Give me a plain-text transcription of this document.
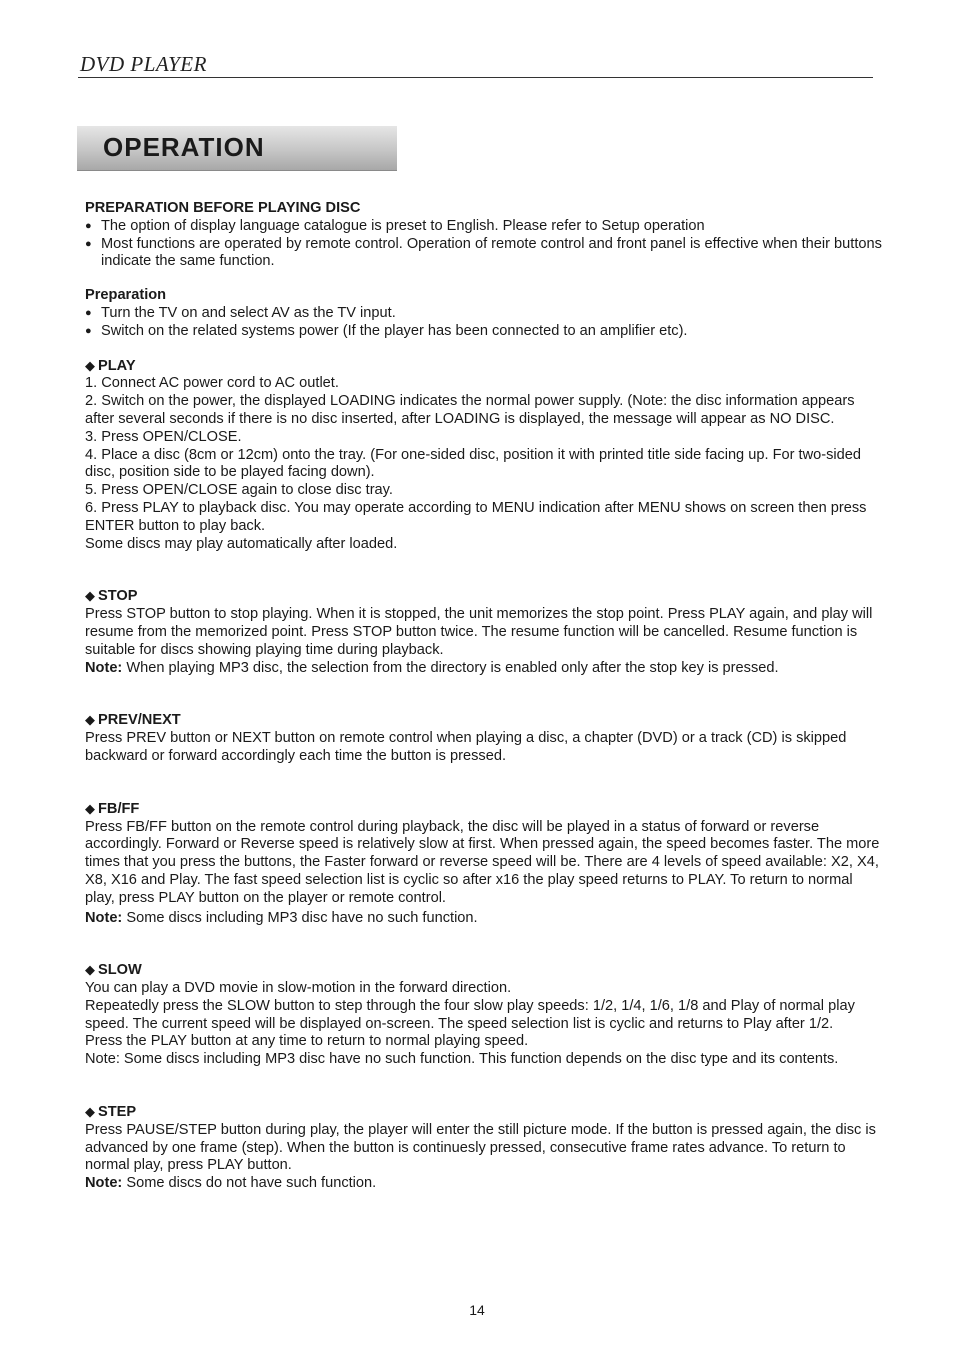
DVD PLAYER
OPERATION

PREPARATION BEFORE PLAYING DISC

● The option of display language catalogue is preset to English. Please refer to Setup operation

● Most functions are operated by remote control. Operation of remote control and front panel is effective when their buttons indicate the same function.

Preparation

● Turn the TV on and select AV as the TV input.

● Switch on the related systems power (If the player has been connected to an amplifier etc).

◆ PLAY

1. Connect AC power cord to AC outlet.

2. Switch on the power, the displayed LOADING indicates the normal power supply. (Note: the disc information appears after several seconds if there is no disc inserted, after LOADING is displayed, the message will appear as NO DISC.

3. Press OPEN/CLOSE.

4. Place a disc (8cm or 12cm) onto the tray. (For one-sided disc, position it with printed title side facing up. For two-sided disc, position side to be played facing down).

5. Press OPEN/CLOSE again to close disc tray.

6. Press PLAY to playback disc. You may operate according to MENU indication after MENU shows on screen then press ENTER button to play back.

Some discs may play automatically after loaded.

◆ STOP

Press STOP button to stop playing. When it is stopped, the unit memorizes the stop point. Press PLAY again, and play will resume from the memorized point. Press STOP button twice. The resume function will be cancelled. Resume function is suitable for discs showing playing time during playback.

Note: When playing MP3 disc, the selection from the directory is enabled only after the stop key is pressed.

◆ PREV/NEXT

Press PREV button or NEXT button on remote control when playing a disc, a chapter (DVD) or a track (CD) is skipped backward or forward accordingly each time the button is pressed.

◆ FB/FF

Press FB/FF button on the remote control during playback, the disc will be played in a status of forward or reverse accordingly. Forward or Reverse speed is relatively slow at first. When pressed again, the speed becomes faster. The more times that you press the buttons, the Faster forward or reverse speed will be. There are 4 levels of speed available: X2, X4, X8, X16 and Play. The fast speed selection list is cyclic so after x16 the play speed returns to PLAY. To return to normal play, press PLAY button on the player or remote control.

Note: Some discs including MP3 disc have no such function.

◆ SLOW

You can play a DVD movie in slow-motion in the forward direction.

Repeatedly press the SLOW button to step through the four slow play speeds: 1/2, 1/4, 1/6, 1/8 and Play of normal play speed. The current speed will be displayed on-screen. The speed selection list is cyclic and returns to Play after 1/2.

Press the PLAY button at any time to return to normal playing speed.

Note: Some discs including MP3 disc have no such function. This function depends on the disc type and its contents.

◆ STEP

Press PAUSE/STEP button during play, the player will enter the still picture mode. If the button is pressed again, the disc is advanced by one frame (step). When the button is continuesly pressed, consecutive frame rates advance. To return to normal play, press PLAY button.

Note: Some discs do not have such function.

14
